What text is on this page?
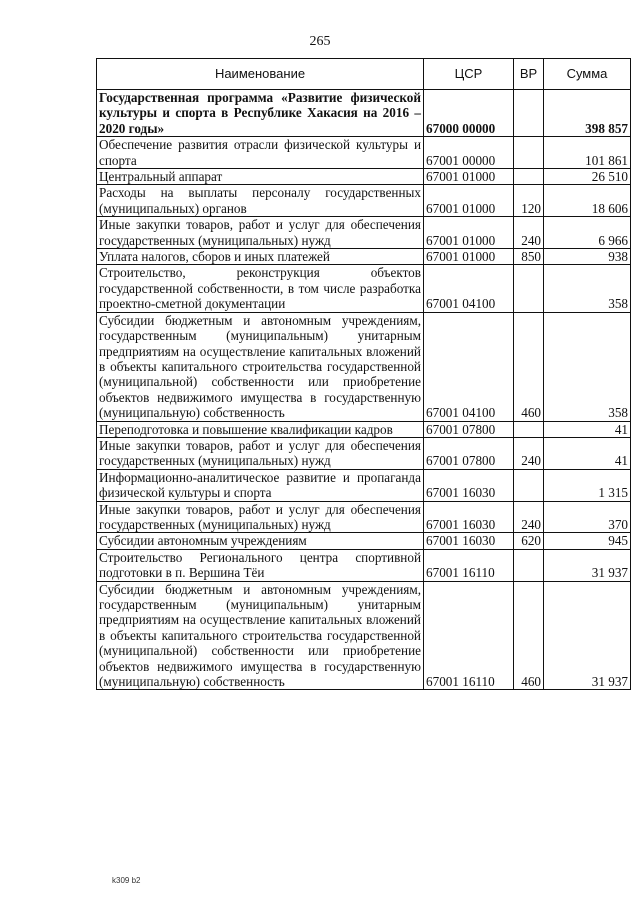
265
Наименование	ЦСР	ВР	Сумма
Государственная программа «Развитие физической культуры и спорта в Республике Хакасия на 2016 – 2020 годы»	67000 00000		398 857
Обеспечение развития отрасли физической культуры и спорта	67001 00000		101 861
Центральный аппарат	67001 01000		26 510
Расходы на выплаты персоналу государственных (муниципальных) органов	67001 01000	120	18 606
Иные закупки товаров, работ и услуг для обеспечения государственных (муниципальных) нужд	67001 01000	240	6 966
Уплата налогов, сборов и иных платежей	67001 01000	850	938
Строительство, реконструкция объектов государственной собственности, в том числе разработка проектно-сметной документации	67001 04100		358
Субсидии бюджетным и автономным учреждениям, государственным (муниципальным) унитарным предприятиям на осуществление капитальных вложений в объекты капитального строительства государственной (муниципальной) собственности или приобретение объектов недвижимого имущества в государственную (муниципальную) собственность	67001 04100	460	358
Переподготовка и повышение квалификации кадров	67001 07800		41
Иные закупки товаров, работ и услуг для обеспечения государственных (муниципальных) нужд	67001 07800	240	41
Информационно-аналитическое развитие и пропаганда физической культуры и спорта	67001 16030		1 315
Иные закупки товаров, работ и услуг для обеспечения государственных (муниципальных) нужд	67001 16030	240	370
Субсидии автономным учреждениям	67001 16030	620	945
Строительство Регионального центра спортивной подготовки в п. Вершина Тёи	67001 16110		31 937
Субсидии бюджетным и автономным учреждениям, государственным (муниципальным) унитарным предприятиям на осуществление капитальных вложений в объекты капитального строительства государственной (муниципальной) собственности или приобретение объектов недвижимого имущества в государственную (муниципальную) собственность	67001 16110	460	31 937
k309 b2
